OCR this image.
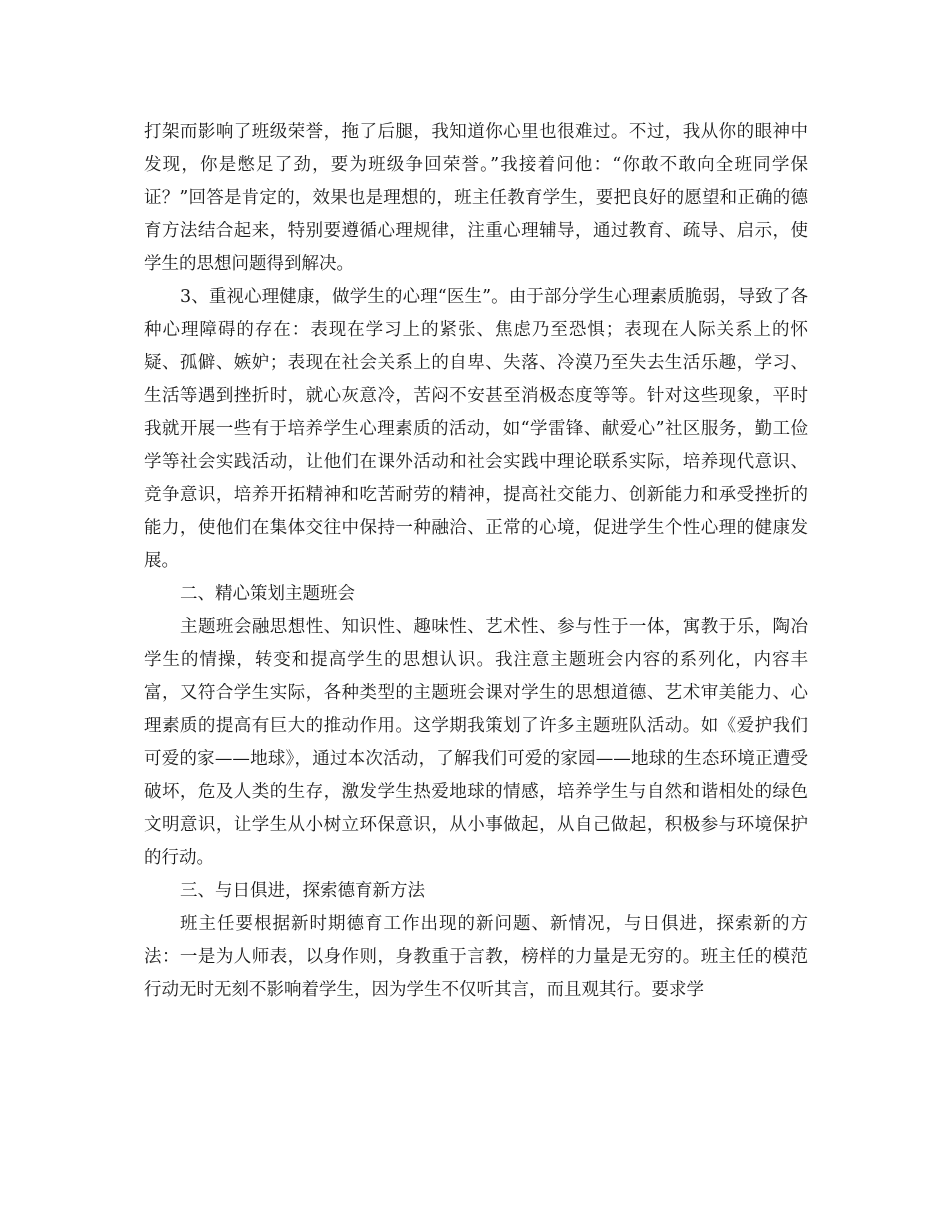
打架而影响了班级荣誉，拖了后腿，我知道你心里也很难过。不过，我从你的眼神中发现，你是憋足了劲，要为班级争回荣誉。”我接着问他：“你敢不敢向全班同学保证？”回答是肯定的，效果也是理想的，班主任教育学生，要把良好的愿望和正确的德育方法结合起来，特别要遵循心理规律，注重心理辅导，通过教育、疏导、启示，使学生的思想问题得到解决。

3、重视心理健康，做学生的心理“医生”。由于部分学生心理素质脆弱，导致了各种心理障碍的存在：表现在学习上的紧张、焦虑乃至恐惧；表现在人际关系上的怀疑、孤僻、嫉妒；表现在社会关系上的自卑、失落、冷漠乃至失去生活乐趣，学习、生活等遇到挫折时，就心灰意冷，苦闷不安甚至消极态度等等。针对这些现象，平时我就开展一些有于培养学生心理素质的活动，如“学雷锋、献爱心”社区服务，勤工俭学等社会实践活动，让他们在课外活动和社会实践中理论联系实际，培养现代意识、竞争意识，培养开拓精神和吃苦耐劳的精神，提高社交能力、创新能力和承受挫折的能力，使他们在集体交往中保持一种融洽、正常的心境，促进学生个性心理的健康发展。

二、精心策划主题班会

主题班会融思想性、知识性、趣味性、艺术性、参与性于一体，寓教于乐，陶冶学生的情操，转变和提高学生的思想认识。我注意主题班会内容的系列化，内容丰富，又符合学生实际，各种类型的主题班会课对学生的思想道德、艺术审美能力、心理素质的提高有巨大的推动作用。这学期我策划了许多主题班队活动。如《爱护我们可爱的家——地球》，通过本次活动，了解我们可爱的家园——地球的生态环境正遭受破坏，危及人类的生存，激发学生热爱地球的情感，培养学生与自然和谐相处的绿色文明意识，让学生从小树立环保意识，从小事做起，从自己做起，积极参与环境保护的行动。

三、与日俱进，探索德育新方法

班主任要根据新时期德育工作出现的新问题、新情况，与日俱进，探索新的方法：一是为人师表，以身作则，身教重于言教，榜样的力量是无穷的。班主任的模范行动无时无刻不影响着学生，因为学生不仅听其言，而且观其行。要求学
